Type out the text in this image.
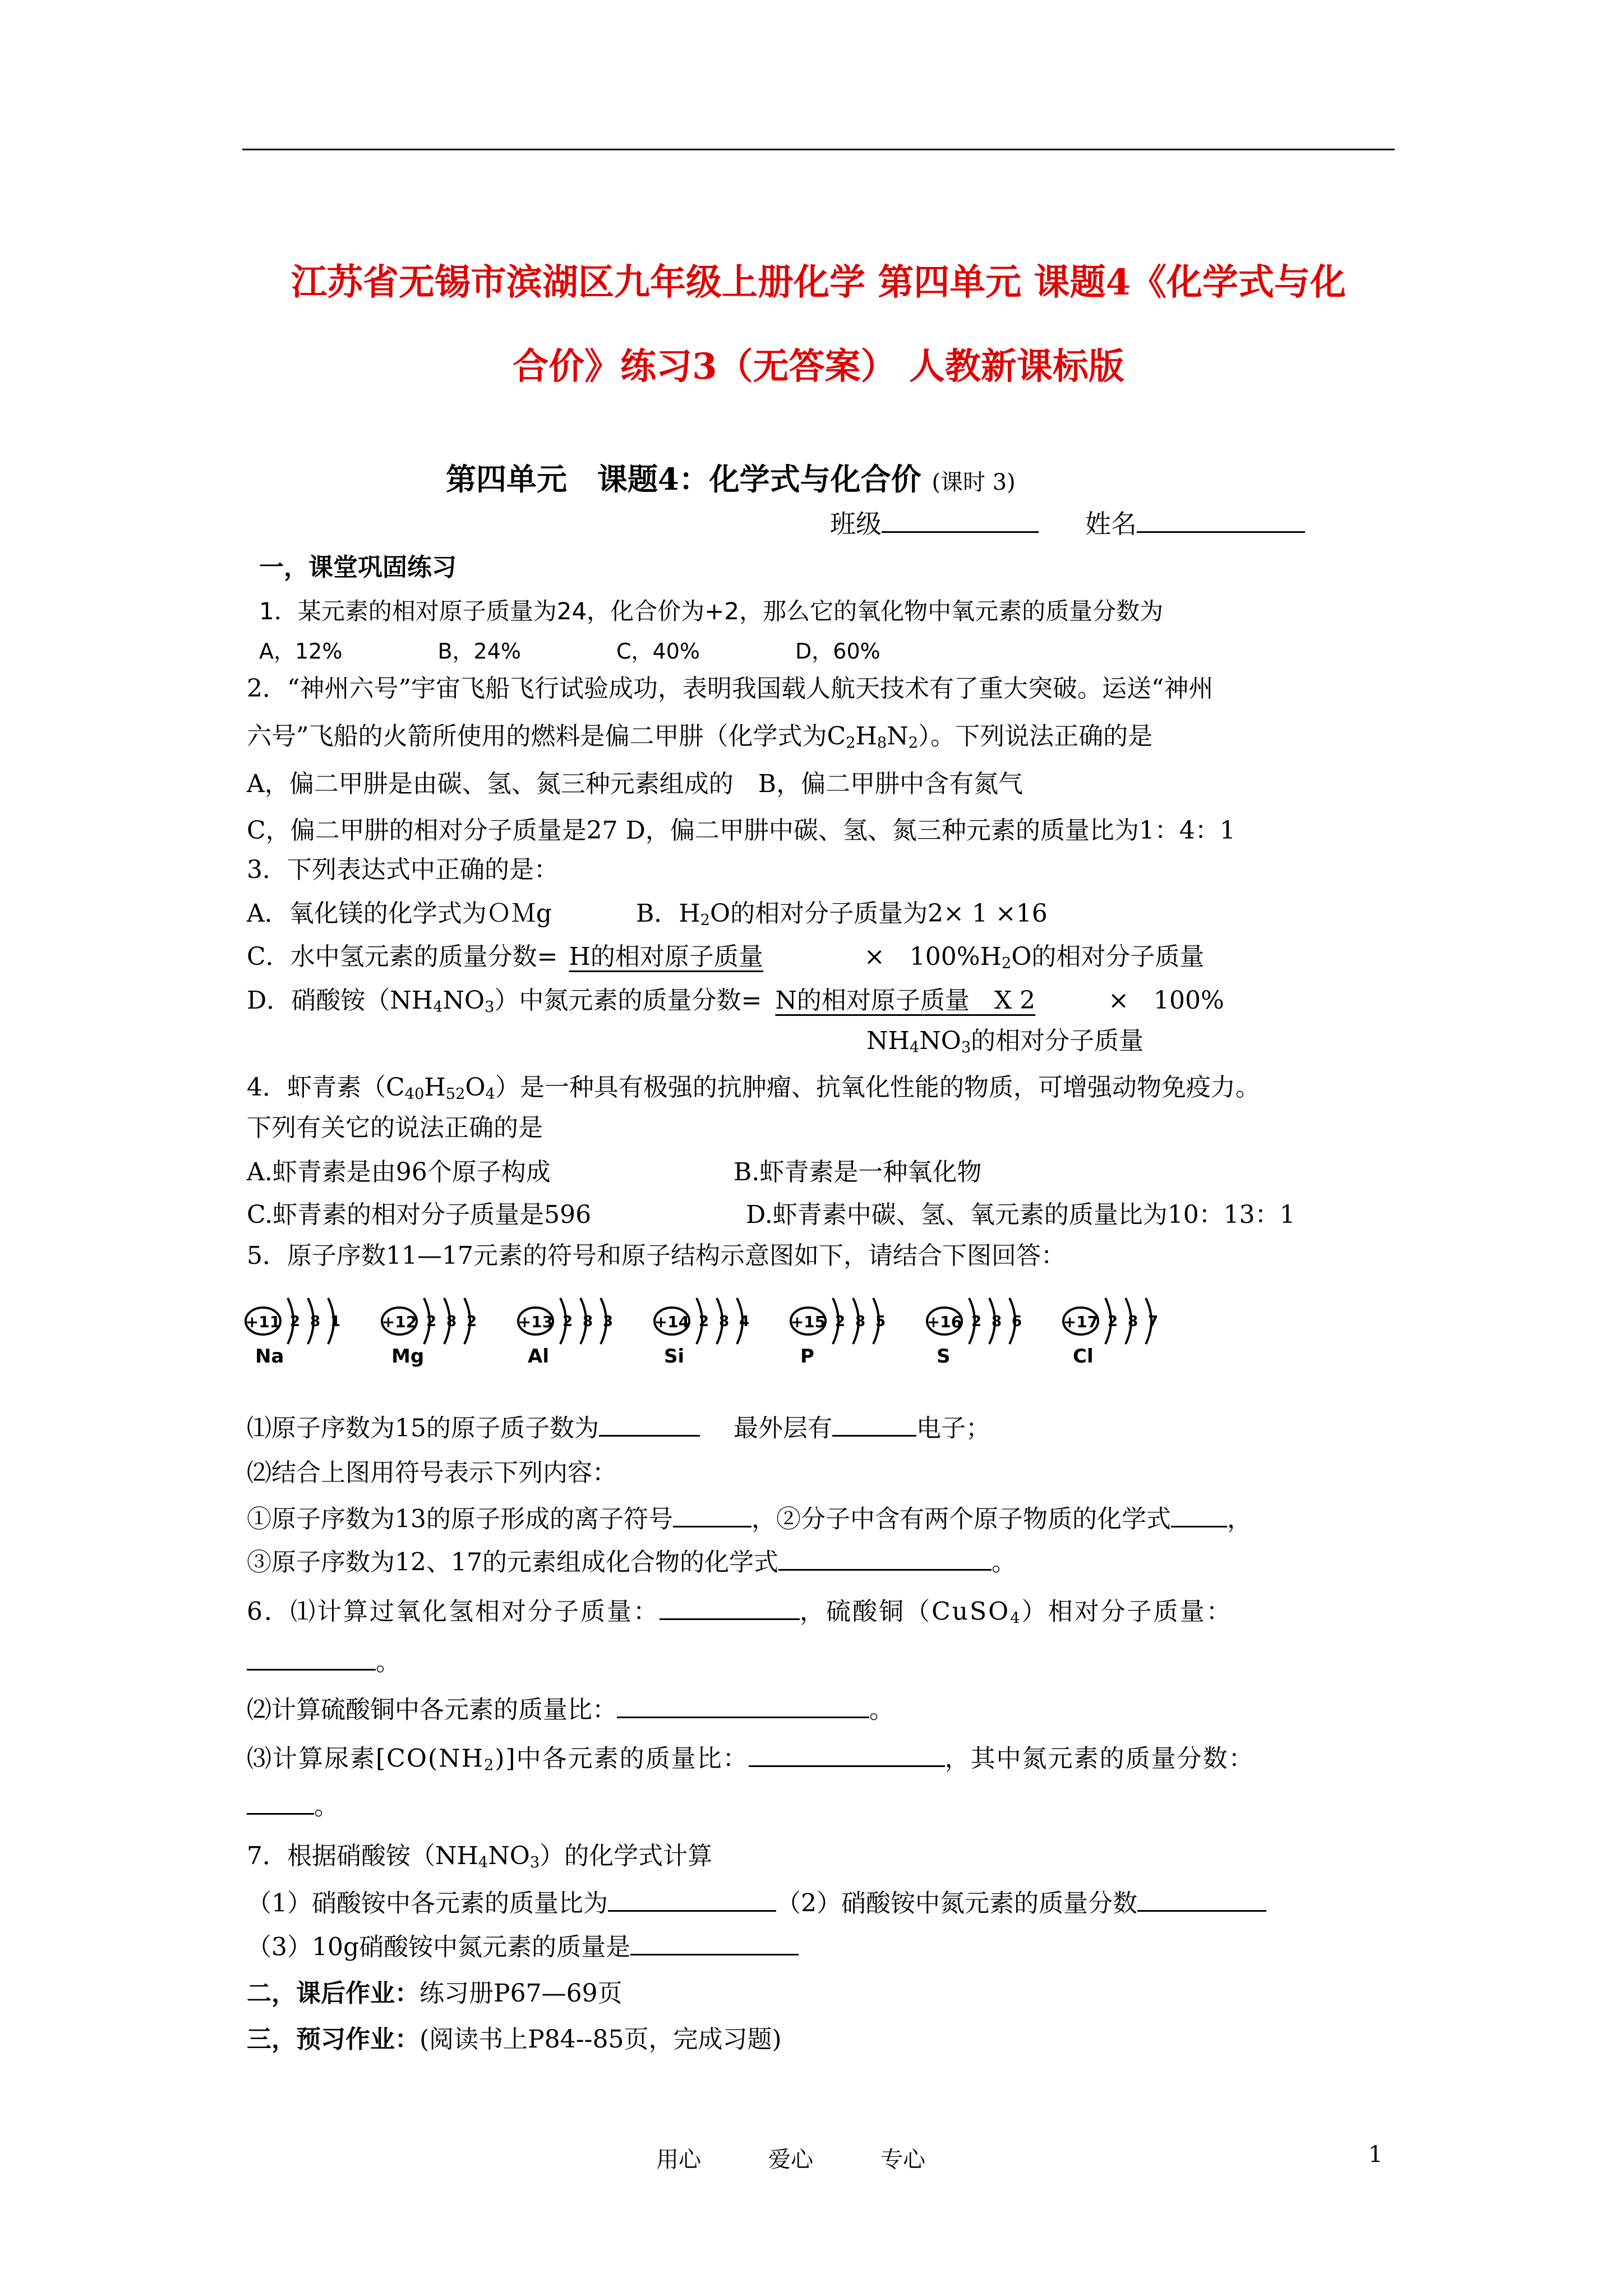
江苏省无锡市滨湖区九年级上册化学 第四单元 课题4《化学式与化
合价》练习3（无答案） 人教新课标版
第四单元　课题4：化学式与化合价 (课时 3)
班级	姓名
一，课堂巩固练习
1．某元素的相对原子质量为24，化合价为+2，那么它的氧化物中氧元素的质量分数为
A，12%	B，24%	C，40%	D，60%
2．“神州六号”宇宙飞船飞行试验成功，表明我国载人航天技术有了重大突破。运送“神州
六号”飞船的火箭所使用的燃料是偏二甲肼（化学式为$C_2H_8N_2$）。下列说法正确的是
A，偏二甲肼是由碳、氢、氮三种元素组成的　B，偏二甲肼中含有氮气
C，偏二甲肼的相对分子质量是27 D，偏二甲肼中碳、氢、氮三种元素的质量比为1：4：1
3．下列表达式中正确的是：
A．氧化镁的化学式为ＯＭg	B．$H_2O$的相对分子质量为2× 1 ×16
C．水中氢元素的质量分数= H的相对原子质量	×　$100\%H_2O$的相对分子质量
D．硝酸铵$(NH_4NO_3)$中氮元素的质量分数= N的相对原子质量　X 2	×　100%
$NH_4NO_3$的相对分子质量
4．虾青素$(C_{40}H_{52}O_4)$是一种具有极强的抗肿瘤、抗氧化性能的物质，可增强动物免疫力。
下列有关它的说法正确的是
A.虾青素是由96个原子构成	B.虾青素是一种氧化物
C.虾青素的相对分子质量是596	D.虾青素中碳、氢、氧元素的质量比为10：13：1
5．原子序数11—17元素的符号和原子结构示意图如下，请结合下图回答：
+11 2 8 1
Na
+12 2 8 2
Mg
+13 2 8 3
Al
+14 2 8 4
Si
+15 2 8 5
P
+16 2 8 6
S
+17 2 8 7
Cl
⑴原子序数为15的原子质子数为	最外层有	电子；
⑵结合上图用符号表示下列内容：
①原子序数为13的原子形成的离子符号	，②分子中含有两个原子物质的化学式 ，
③原子序数为12、17的元素组成化合物的化学式	。
6．⑴计算过氧化氢相对分子质量：	，硫酸铜（CuSO$_4$）相对分子质量：
。
⑵计算硫酸铜中各元素的质量比：	。
⑶计算尿素$[CO(NH_2)]$中各元素的质量比：	，其中氮元素的质量分数：
。
7．根据硝酸铵$(NH_4NO_3)$的化学式计算
（1）硝酸铵中各元素的质量比为	（2）硝酸铵中氮元素的质量分数
（3）10g硝酸铵中氮元素的质量是
二，课后作业：练习册P67—69页
三，预习作业：(阅读书上P84--85页，完成习题)
用心	爱心	专心	1
